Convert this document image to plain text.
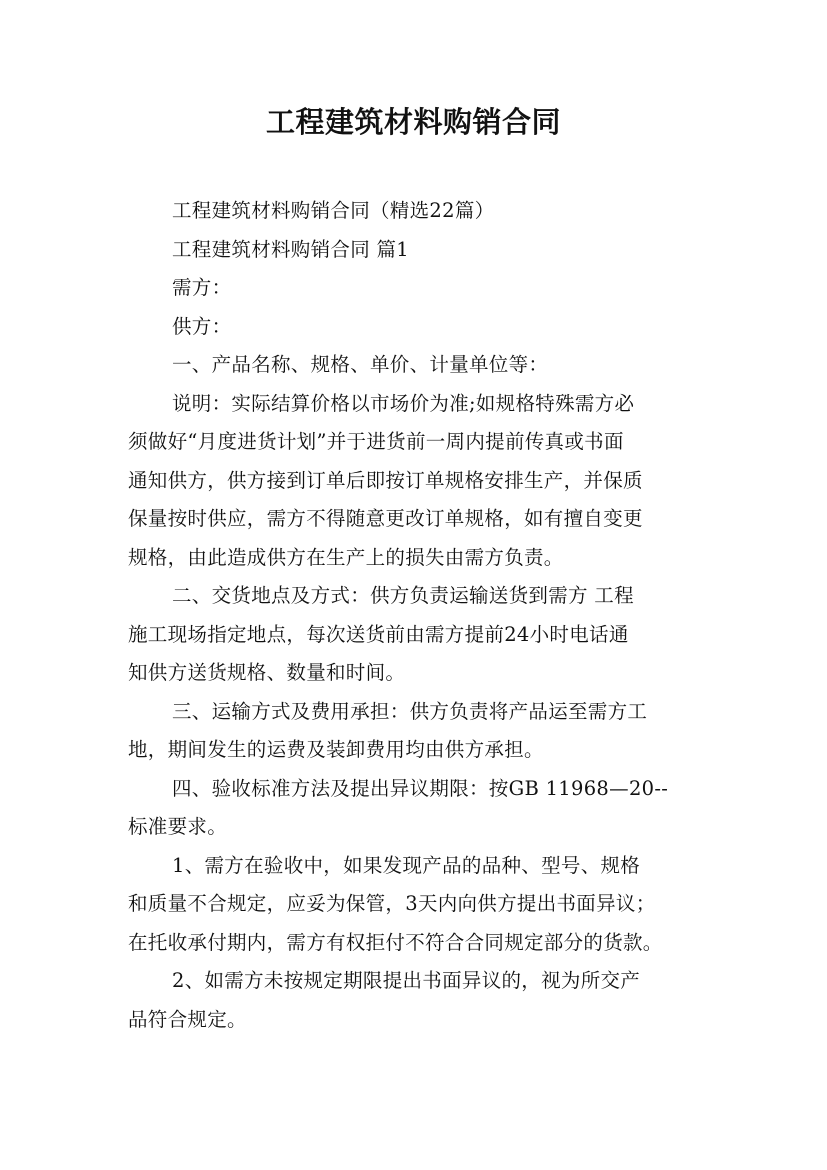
工程建筑材料购销合同

工程建筑材料购销合同（精选22篇）

工程建筑材料购销合同 篇1

需方：

供方：

一、产品名称、规格、单价、计量单位等：

说明：实际结算价格以市场价为准;如规格特殊需方必

须做好“月度进货计划”并于进货前一周内提前传真或书面

通知供方，供方接到订单后即按订单规格安排生产，并保质

保量按时供应，需方不得随意更改订单规格，如有擅自变更

规格，由此造成供方在生产上的损失由需方负责。

二、交货地点及方式：供方负责运输送货到需方 工程

施工现场指定地点，每次送货前由需方提前24小时电话通

知供方送货规格、数量和时间。

三、运输方式及费用承担：供方负责将产品运至需方工

地，期间发生的运费及装卸费用均由供方承担。

四、验收标准方法及提出异议期限：按GB 11968—20--

标准要求。

1、需方在验收中，如果发现产品的品种、型号、规格

和质量不合规定，应妥为保管，3天内向供方提出书面异议；

在托收承付期内，需方有权拒付不符合合同规定部分的货款。

2、如需方未按规定期限提出书面异议的，视为所交产

品符合规定。
